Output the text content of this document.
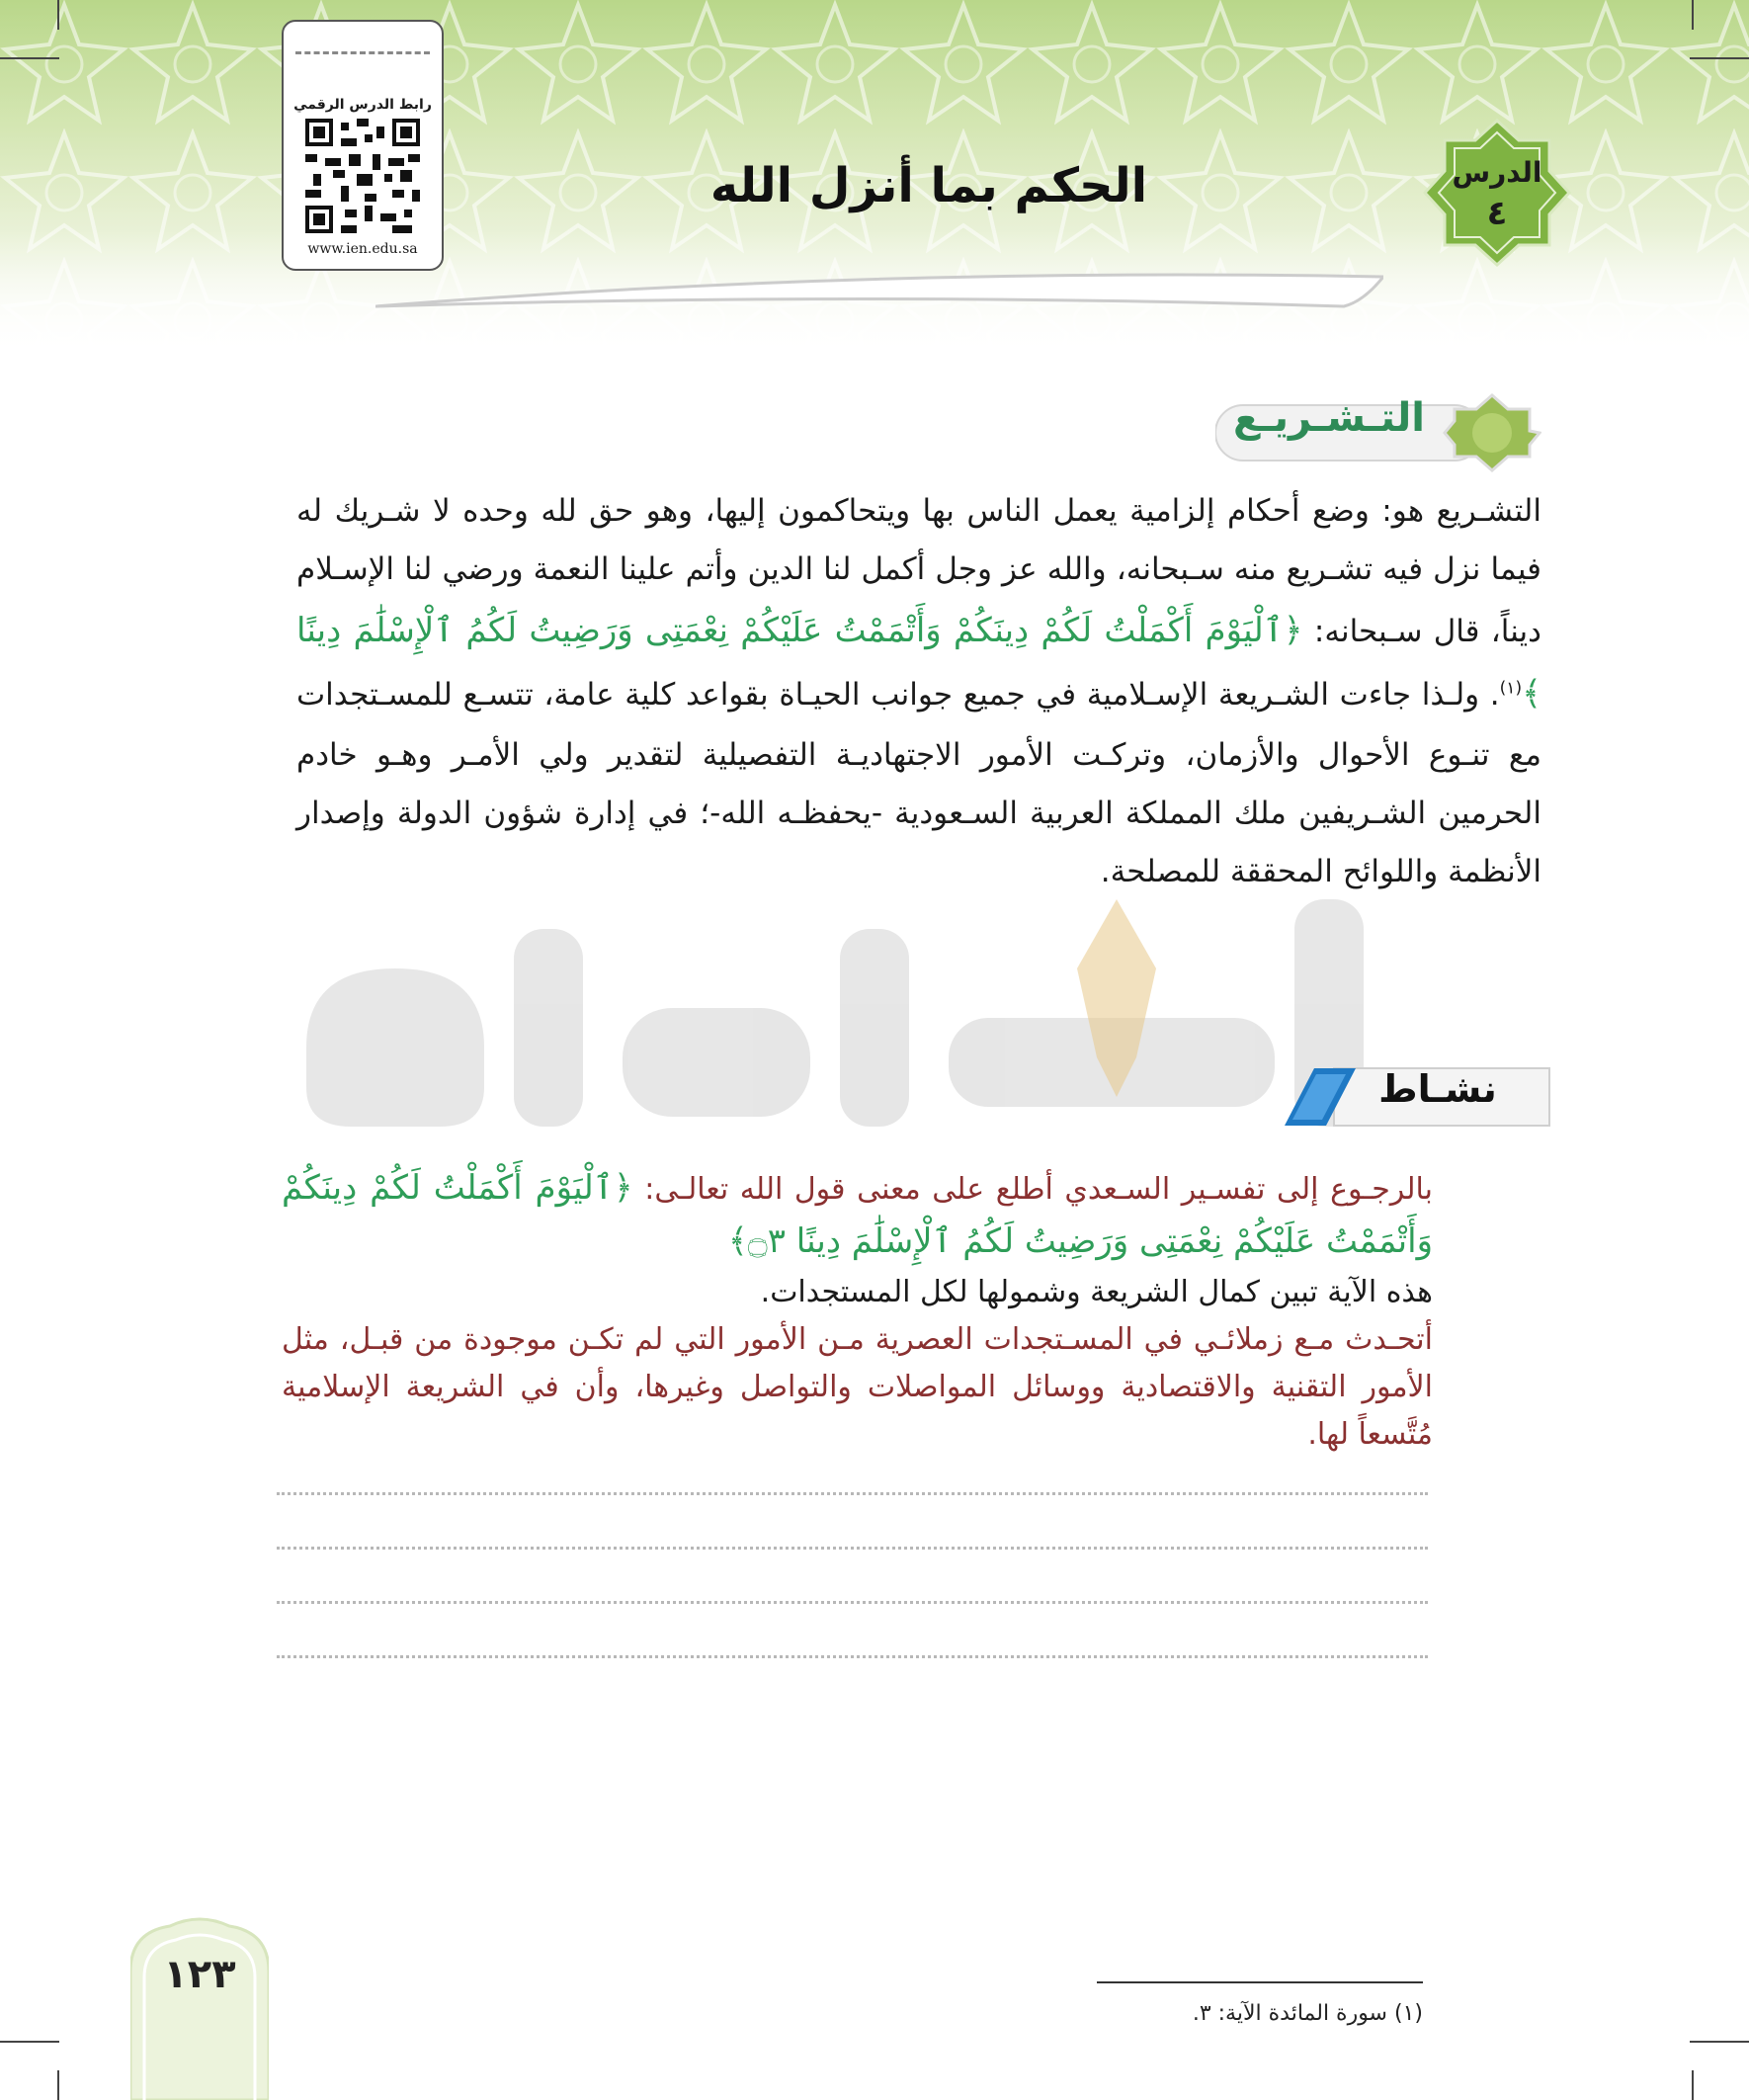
رابط الدرس الرقمي
www.ien.edu.sa
الحكم بما أنزل الله	الدرس
٤
التـشـريـع
التشـريع هو: وضع أحكام إلزامية يعمل الناس بها ويتحاكمون إليها، وهو حق لله وحده لا شـريك له فيما نزل فيه تشـريع منه سـبحانه، والله عز وجل أكمل لنا الدين وأتم علينا النعمة ورضي لنا الإسـلام ديناً، قال سـبحانه: ﴿ٱلْيَوْمَ أَكْمَلْتُ لَكُمْ دِينَكُمْ وَأَتْمَمْتُ عَلَيْكُمْ نِعْمَتِى وَرَضِيتُ لَكُمُ ٱلْإِسْلَٰمَ دِينًا ﴾$^{(١)}$. ولـذا جاءت الشـريعة الإسـلامية في جميع جوانب الحيـاة بقواعد كلية عامة، تتسـع للمسـتجدات مع تنـوع الأحوال والأزمان، وتركـت الأمور الاجتهاديـة التفصيلية لتقدير ولي الأمـر وهـو خادم الحرمين الشـريفين ملك المملكة العربية السـعودية -يحفظـه الله-؛ في إدارة شؤون الدولة وإصدار الأنظمة واللوائح المحققة للمصلحة.
نشـاط
بالرجـوع إلى تفسـير السـعدي أطلع على معنى قول الله تعالـى: ﴿ٱلْيَوْمَ أَكْمَلْتُ لَكُمْ دِينَكُمْ وَأَتْمَمْتُ عَلَيْكُمْ نِعْمَتِى وَرَضِيتُ لَكُمُ ٱلْإِسْلَٰمَ دِينًا ۝٣﴾
هذه الآية تبين كمال الشريعة وشمولها لكل المستجدات.
أتحـدث مـع زملائـي في المسـتجدات العصرية مـن الأمور التي لم تكـن موجودة من قبـل، مثل الأمور التقنية والاقتصادية ووسائل المواصلات والتواصل وغيرها، وأن في الشريعة الإسلامية مُتَّسعاً لها.
(١) سورة المائدة الآية: ٣.
١٢٣
